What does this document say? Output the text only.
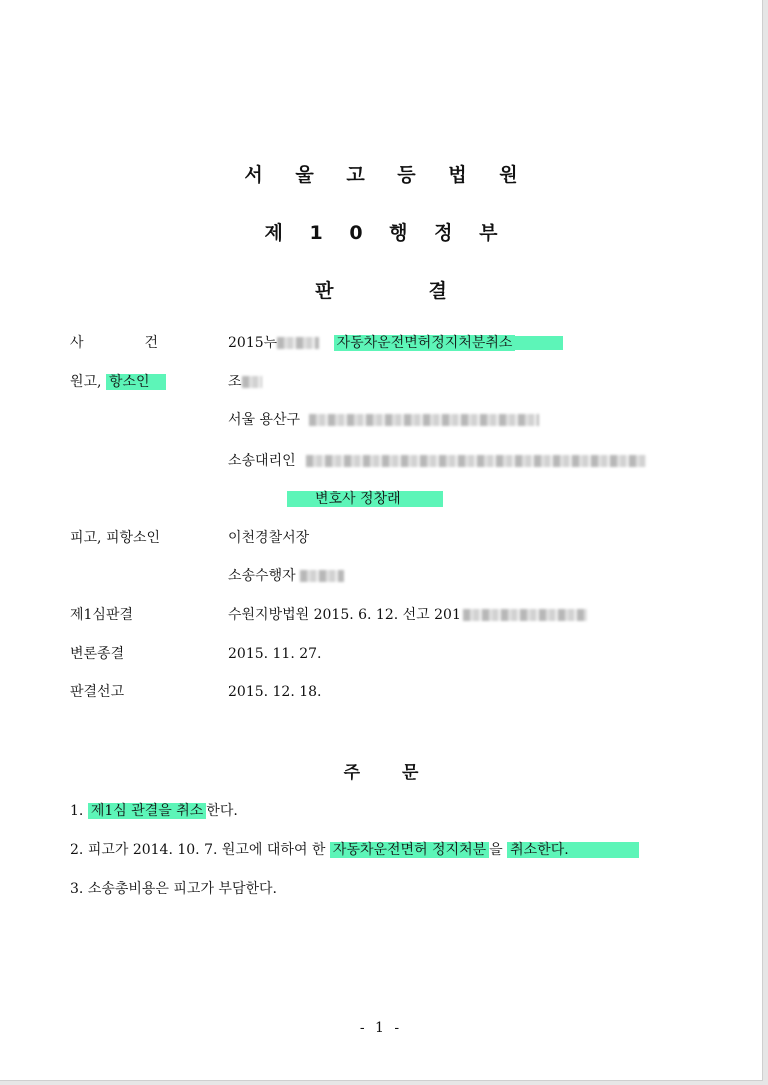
서 울 고 등 법 원
제 1 0 행 정 부
판	결
사 건	2015누	자동차운전면허정지처분취소
원고, 항소인	조
서울 용산구
소송대리인
변호사 정창래
피고, 피항소인	이천경찰서장
소송수행자
제1심판결	수원지방법원 2015. 6. 12. 선고 201
변론종결	2015. 11. 27.
판결선고	2015. 12. 18.
주 문
1. 제1심 관결을 취소 한다.
2. 피고가 2014. 10. 7. 원고에 대하여 한 자동차운전면허 정지처분 을 취소한다.
3. 소송총비용은 피고가 부담한다.
- 1 -
